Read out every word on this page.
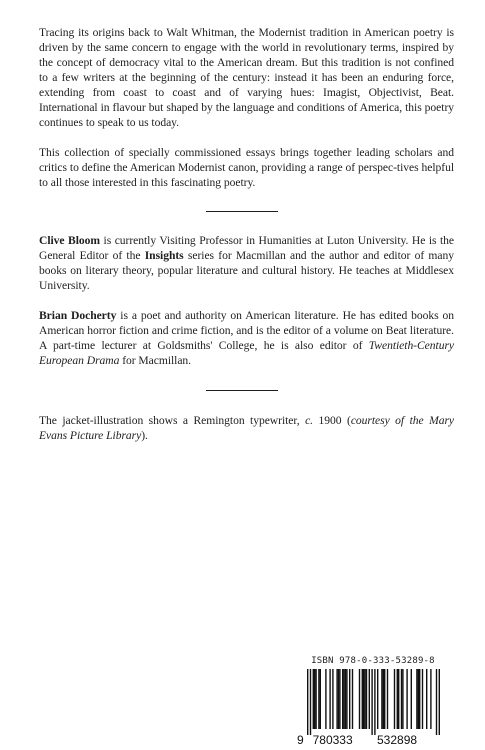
Tracing its origins back to Walt Whitman, the Modernist tradition in American poetry is driven by the same concern to engage with the world in revolutionary terms, inspired by the concept of democracy vital to the American dream. But this tradition is not confined to a few writers at the beginning of the century: instead it has been an enduring force, extending from coast to coast and of varying hues: Imagist, Objectivist, Beat. International in flavour but shaped by the language and conditions of America, this poetry continues to speak to us today.

This collection of specially commissioned essays brings together leading scholars and critics to define the American Modernist canon, providing a range of perspec-tives helpful to all those interested in this fascinating poetry.

Clive Bloom is currently Visiting Professor in Humanities at Luton University. He is the General Editor of the Insights series for Macmillan and the author and editor of many books on literary theory, popular literature and cultural history. He teaches at Middlesex University.

Brian Docherty is a poet and authority on American literature. He has edited books on American horror fiction and crime fiction, and is the editor of a volume on Beat literature. A part-time lecturer at Goldsmiths' College, he is also editor of Twentieth-Century European Drama for Macmillan.

The jacket-illustration shows a Remington typewriter, c. 1900 (courtesy of the Mary Evans Picture Library).

ISBN 978-0-333-53289-8

9 780333 532898
